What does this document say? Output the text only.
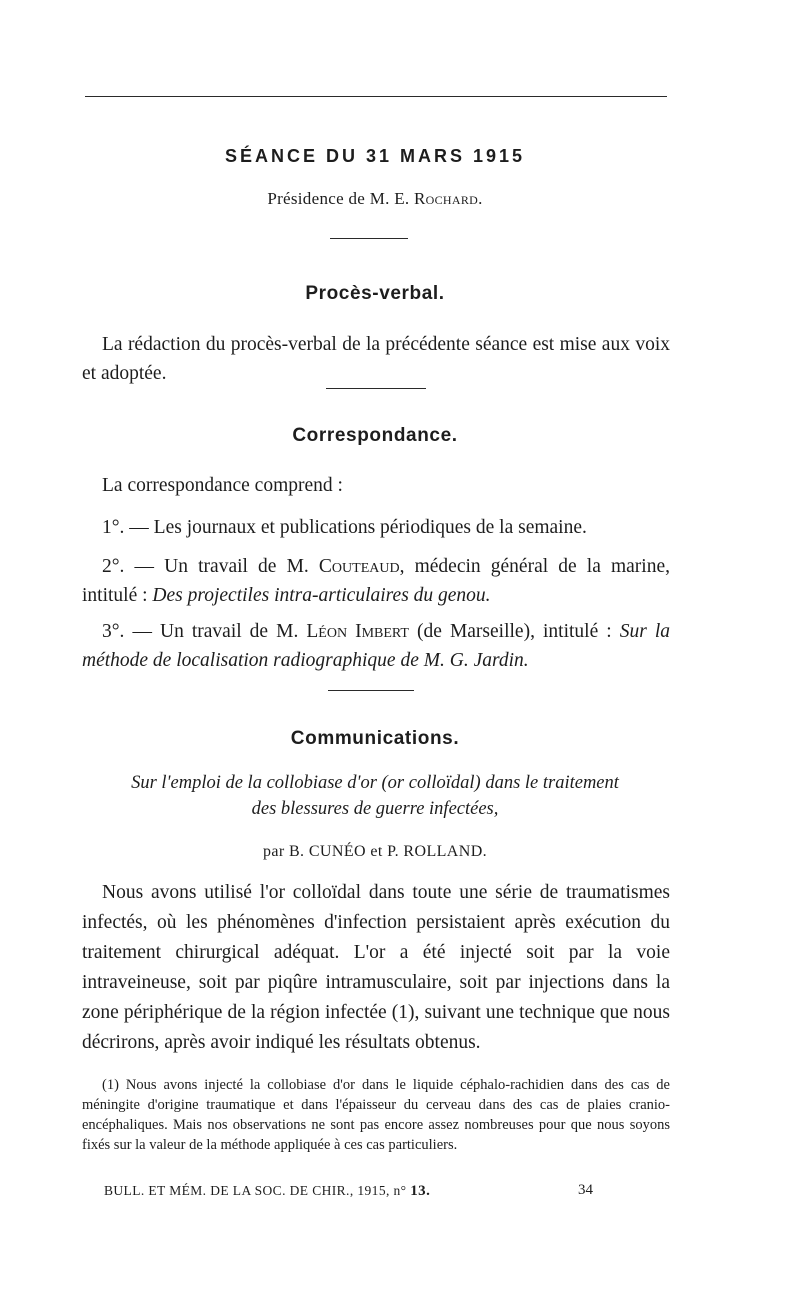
SÉANCE DU 31 MARS 1915
Présidence de M. E. Rochard.
Procès-verbal.

La rédaction du procès-verbal de la précédente séance est mise aux voix et adoptée.

Correspondance.
La correspondance comprend :
1°. — Les journaux et publications périodiques de la semaine.
2°. — Un travail de M. Couteaud, médecin général de la marine, intitulé : Des projectiles intra-articulaires du genou.
3°. — Un travail de M. Léon Imbert (de Marseille), intitulé : Sur la méthode de localisation radiographique de M. G. Jardin.
Communications.
Sur l'emploi de la collobiase d'or (or colloïdal) dans le traitement
des blessures de guerre infectées,
par B. CUNÉO et P. ROLLAND.

Nous avons utilisé l'or colloïdal dans toute une série de traumatismes infectés, où les phénomènes d'infection persistaient après exécution du traitement chirurgical adéquat. L'or a été injecté soit par la voie intraveineuse, soit par piqûre intramusculaire, soit par injections dans la zone périphérique de la région infectée (1), suivant une technique que nous décrirons, après avoir indiqué les résultats obtenus.

(1) Nous avons injecté la collobiase d'or dans le liquide céphalo-rachidien dans des cas de méningite d'origine traumatique et dans l'épaisseur du cerveau dans des cas de plaies cranio-encéphaliques. Mais nos observations ne sont pas encore assez nombreuses pour que nous soyons fixés sur la valeur de la méthode appliquée à ces cas particuliers.

BULL. ET MÉM. DE LA SOC. DE CHIR., 1915, n° 13.	34
